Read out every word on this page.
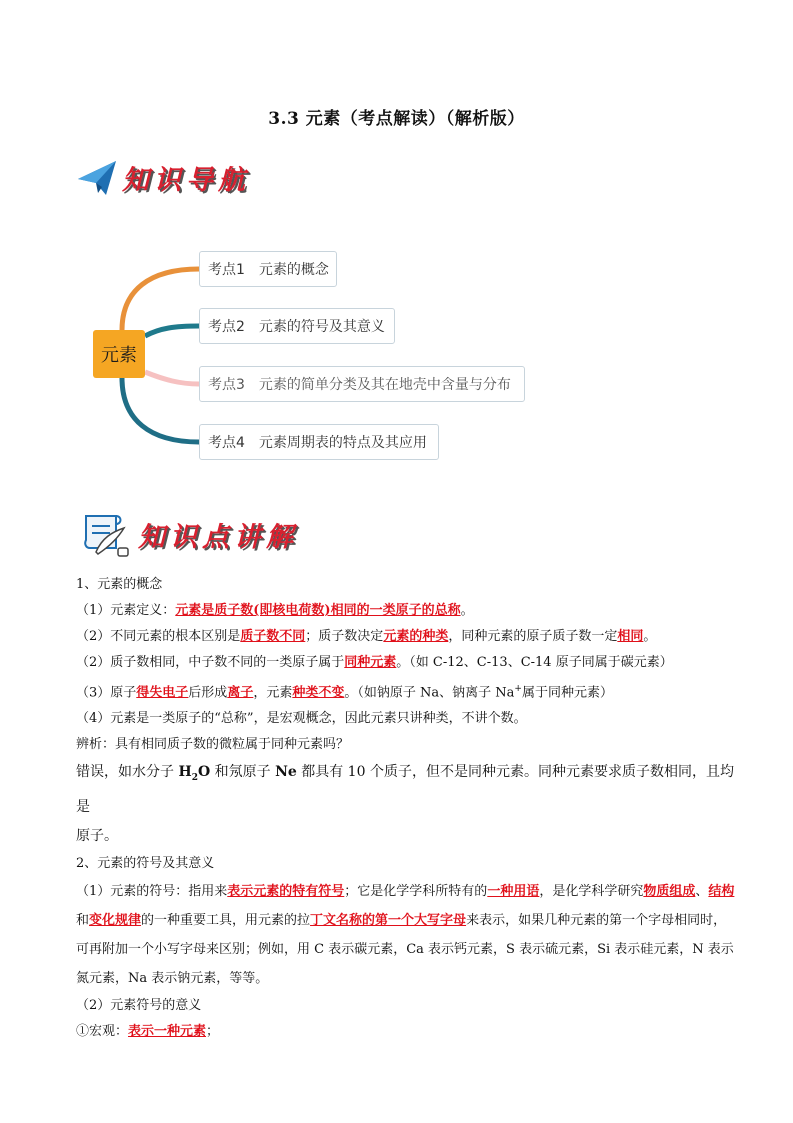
3.3 元素（考点解读）（解析版）
知识导航
元素
考点1　元素的概念
考点2　元素的符号及其意义
考点3　元素的简单分类及其在地壳中含量与分布
考点4　元素周期表的特点及其应用
知识点讲解
1、元素的概念
（1）元素定义：元素是质子数(即核电荷数)相同的一类原子的总称。
（2）不同元素的根本区别是质子数不同；质子数决定元素的种类，同种元素的原子质子数一定相同。
（2）质子数相同，中子数不同的一类原子属于同种元素。（如 C-12、C-13、C-14 原子同属于碳元素）
（3）原子得失电子后形成离子，元素种类不变。（如钠原子 Na、钠离子 Na+属于同种元素）
（4）元素是一类原子的“总称”，是宏观概念，因此元素只讲种类，不讲个数。
辨析：具有相同质子数的微粒属于同种元素吗？
错误，如水分子 $H_2O$ 和氖原子 Ne 都具有 10 个质子，但不是同种元素。同种元素要求质子数相同，且均是
原子。
2、元素的符号及其意义
（1）元素的符号：指用来表示元素的特有符号；它是化学学科所特有的一种用语，是化学科学研究物质组成、结构和变化规律的一种重要工具，用元素的拉丁文名称的第一个大写字母来表示，如果几种元素的第一个字母相同时，可再附加一个小写字母来区别；例如，用 C 表示碳元素，Ca 表示钙元素，S 表示硫元素，Si 表示硅元素，N 表示氮元素，Na 表示钠元素，等等。
（2）元素符号的意义
①宏观：表示一种元素；
